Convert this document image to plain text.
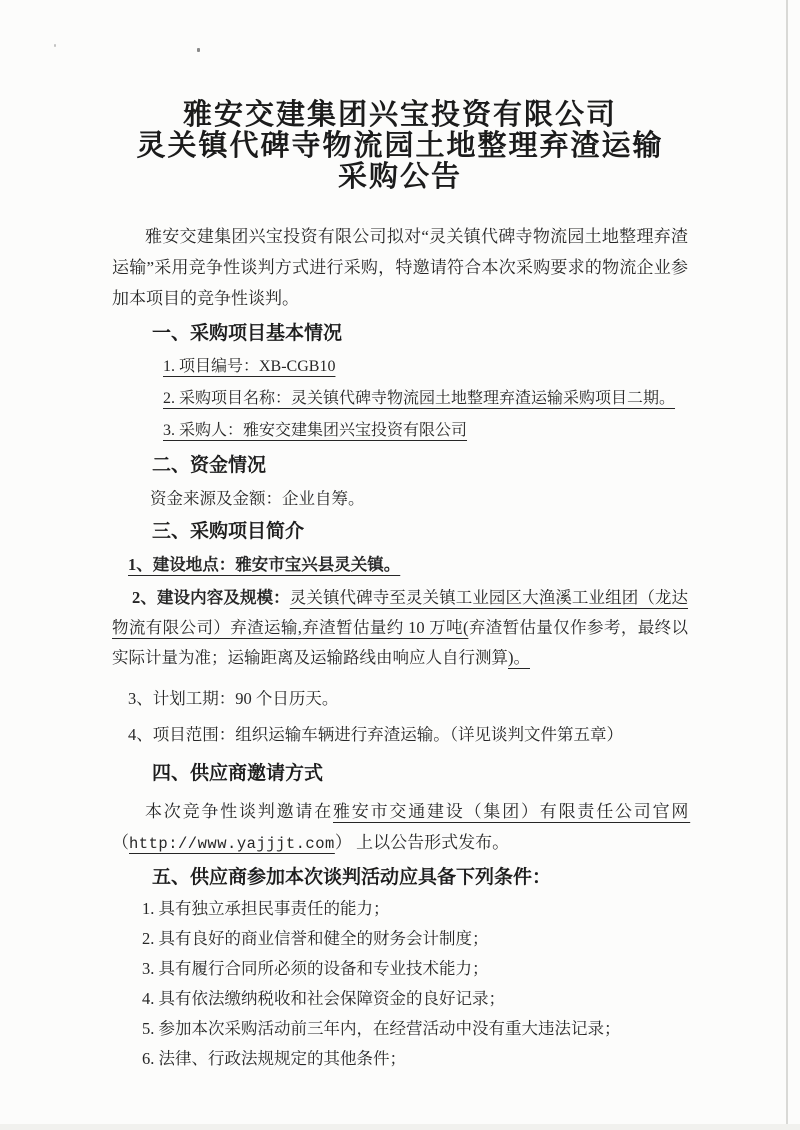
雅安交建集团兴宝投资有限公司
灵关镇代碑寺物流园土地整理弃渣运输
采购公告

雅安交建集团兴宝投资有限公司拟对“灵关镇代碑寺物流园土地整理弃渣运输”采用竞争性谈判方式进行采购，特邀请符合本次采购要求的物流企业参加本项目的竞争性谈判。

一、采购项目基本情况
1. 项目编号：XB-CGB10
2. 采购项目名称：灵关镇代碑寺物流园土地整理弃渣运输采购项目二期。
3. 采购人：雅安交建集团兴宝投资有限公司
二、资金情况
资金来源及金额：企业自筹。
三、采购项目简介
1、建设地点：雅安市宝兴县灵关镇。
2、建设内容及规模：灵关镇代碑寺至灵关镇工业园区大渔溪工业组团（龙达物流有限公司）弃渣运输,弃渣暂估量约 10 万吨(弃渣暂估量仅作参考，最终以实际计量为准；运输距离及运输路线由响应人自行测算)。
3、计划工期：90 个日历天。
4、项目范围：组织运输车辆进行弃渣运输。（详见谈判文件第五章）
四、供应商邀请方式
本次竞争性谈判邀请在雅安市交通建设（集团）有限责任公司官网
（http://www.yajjjt.com） 上以公告形式发布。
五、供应商参加本次谈判活动应具备下列条件：
1. 具有独立承担民事责任的能力；
2. 具有良好的商业信誉和健全的财务会计制度；
3. 具有履行合同所必须的设备和专业技术能力；
4. 具有依法缴纳税收和社会保障资金的良好记录；
5. 参加本次采购活动前三年内，在经营活动中没有重大违法记录；
6. 法律、行政法规规定的其他条件；
